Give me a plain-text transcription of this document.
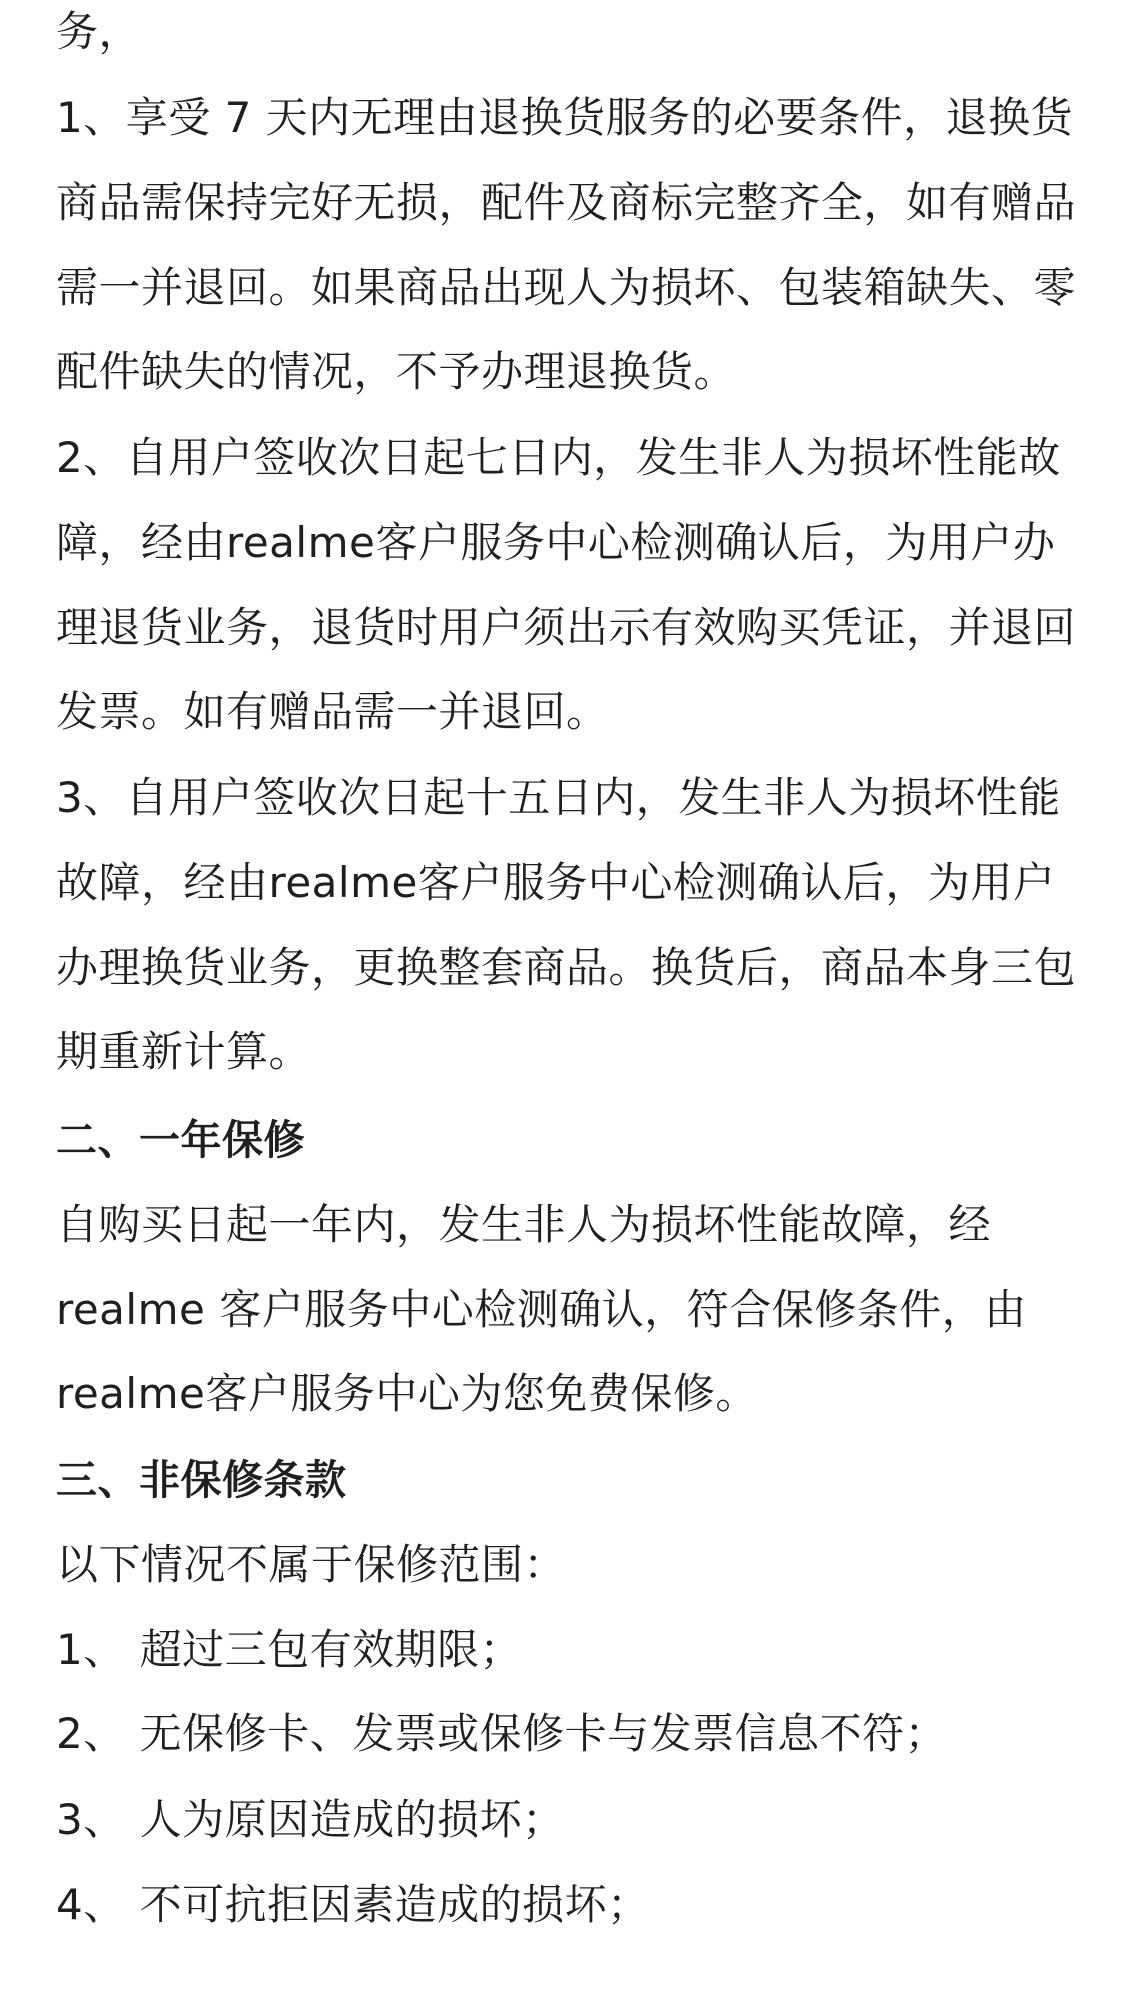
务，
1、享受 7 天内无理由退换货服务的必要条件，退换货
商品需保持完好无损，配件及商标完整齐全，如有赠品
需一并退回。如果商品出现人为损坏、包装箱缺失、零
配件缺失的情况，不予办理退换货。
2、自用户签收次日起七日内，发生非人为损坏性能故
障，经由realme客户服务中心检测确认后，为用户办
理退货业务，退货时用户须出示有效购买凭证，并退回
发票。如有赠品需一并退回。
3、自用户签收次日起十五日内，发生非人为损坏性能
故障，经由realme客户服务中心检测确认后，为用户
办理换货业务，更换整套商品。换货后，商品本身三包
期重新计算。
二、一年保修
自购买日起一年内，发生非人为损坏性能故障，经
realme 客户服务中心检测确认，符合保修条件，由
realme客户服务中心为您免费保修。
三、非保修条款
以下情况不属于保修范围：
1、 超过三包有效期限；
2、 无保修卡、发票或保修卡与发票信息不符；
3、 人为原因造成的损坏；
4、 不可抗拒因素造成的损坏；
